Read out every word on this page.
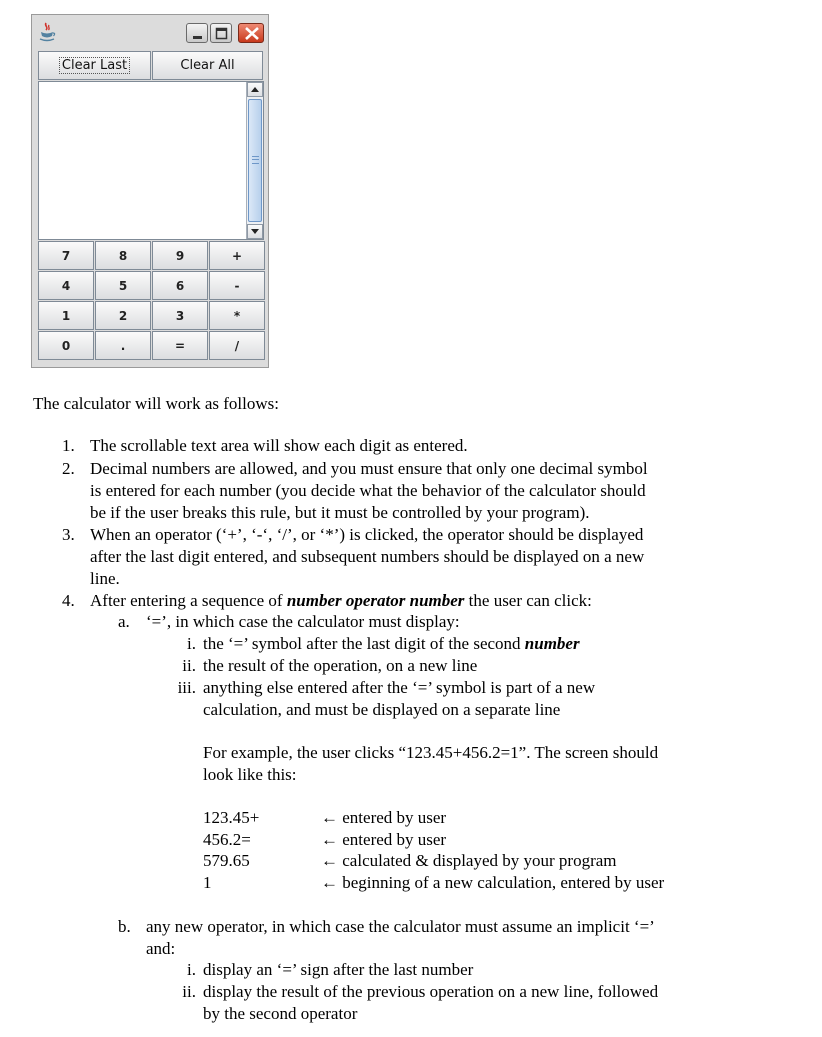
Clear Last	Clear All
7	8	9	+
4	5	6	-
1	2	3	*
0	.	=	/
The calculator will work as follows:
1. The scrollable text area will show each digit as entered.
2. Decimal numbers are allowed, and you must ensure that only one decimal symbol
is entered for each number (you decide what the behavior of the calculator should
be if the user breaks this rule, but it must be controlled by your program).
3. When an operator (‘+’, ‘-‘, ‘/’, or ‘*’) is clicked, the operator should be displayed
after the last digit entered, and subsequent numbers should be displayed on a new
line.
4. After entering a sequence of number operator number the user can click:
a. ‘=’, in which case the calculator must display:
i. the ‘=’ symbol after the last digit of the second number
ii. the result of the operation, on a new line
iii. anything else entered after the ‘=’ symbol is part of a new
calculation, and must be displayed on a separate line
For example, the user clicks “123.45+456.2=1”. The screen should
look like this:
123.45+	← entered by user
456.2=	← entered by user
579.65	← calculated & displayed by your program
1	← beginning of a new calculation, entered by user
b. any new operator, in which case the calculator must assume an implicit ‘=’
and:
i. display an ‘=’ sign after the last number
ii. display the result of the previous operation on a new line, followed
by the second operator
